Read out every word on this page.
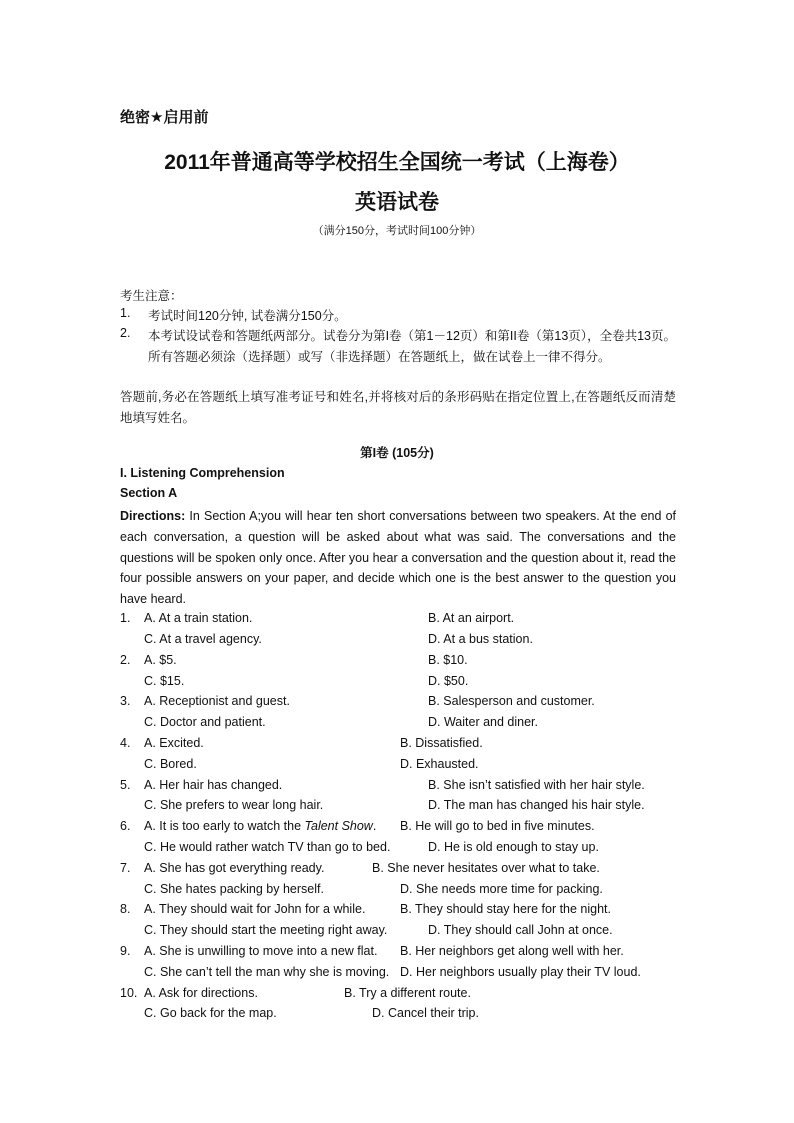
绝密★启用前
2011年普通高等学校招生全国统一考试（上海卷）
英语试卷
（满分150分，考试时间100分钟）
考生注意：
1. 考试时间120分钟, 试卷满分150分。
2. 本考试设试卷和答题纸两部分。试卷分为第I卷（第1－12页）和第II卷（第13页），全卷共13页。所有答题必须涂（选择题）或写（非选择题）在答题纸上，做在试卷上一律不得分。
答题前,务必在答题纸上填写准考证号和姓名,并将核对后的条形码贴在指定位置上,在答题纸反而清楚地填写姓名。
第I卷 (105分)
I. Listening Comprehension
Section A
Directions: In Section A;you will hear ten short conversations between two speakers. At the end of each conversation, a question will be asked about what was said. The conversations and the questions will be spoken only once. After you hear a conversation and the question about it, read the four possible answers on your paper, and decide which one is the best answer to the question you have heard.
1. A. At a train station.	B. At an airport.
C. At a travel agency.	D. At a bus station.
2. A. $5.	B. $10.
C. $15.	D. $50.
3. A. Receptionist and guest.	B. Salesperson and customer.
C. Doctor and patient.	D. Waiter and diner.
4. A. Excited.	B. Dissatisfied.
C. Bored.	D. Exhausted.
5. A. Her hair has changed.	B. She isn’t satisfied with her hair style.
C. She prefers to wear long hair.	D. The man has changed his hair style.
6. A. It is too early to watch the Talent Show. B. He will go to bed in five minutes.
C. He would rather watch TV than go to bed.	D. He is old enough to stay up.
7. A. She has got everything ready.	B. She never hesitates over what to take.
C. She hates packing by herself.	D. She needs more time for packing.
8. A. They should wait for John for a while.	B. They should stay here for the night.
C. They should start the meeting right away.	D. They should call John at once.
9. A. She is unwilling to move into a new flat. B. Her neighbors get along well with her.
C. She can’t tell the man why she is moving. D. Her neighbors usually play their TV loud.
10. A. Ask for directions.	B. Try a different route.
C. Go back for the map.	D. Cancel their trip.
